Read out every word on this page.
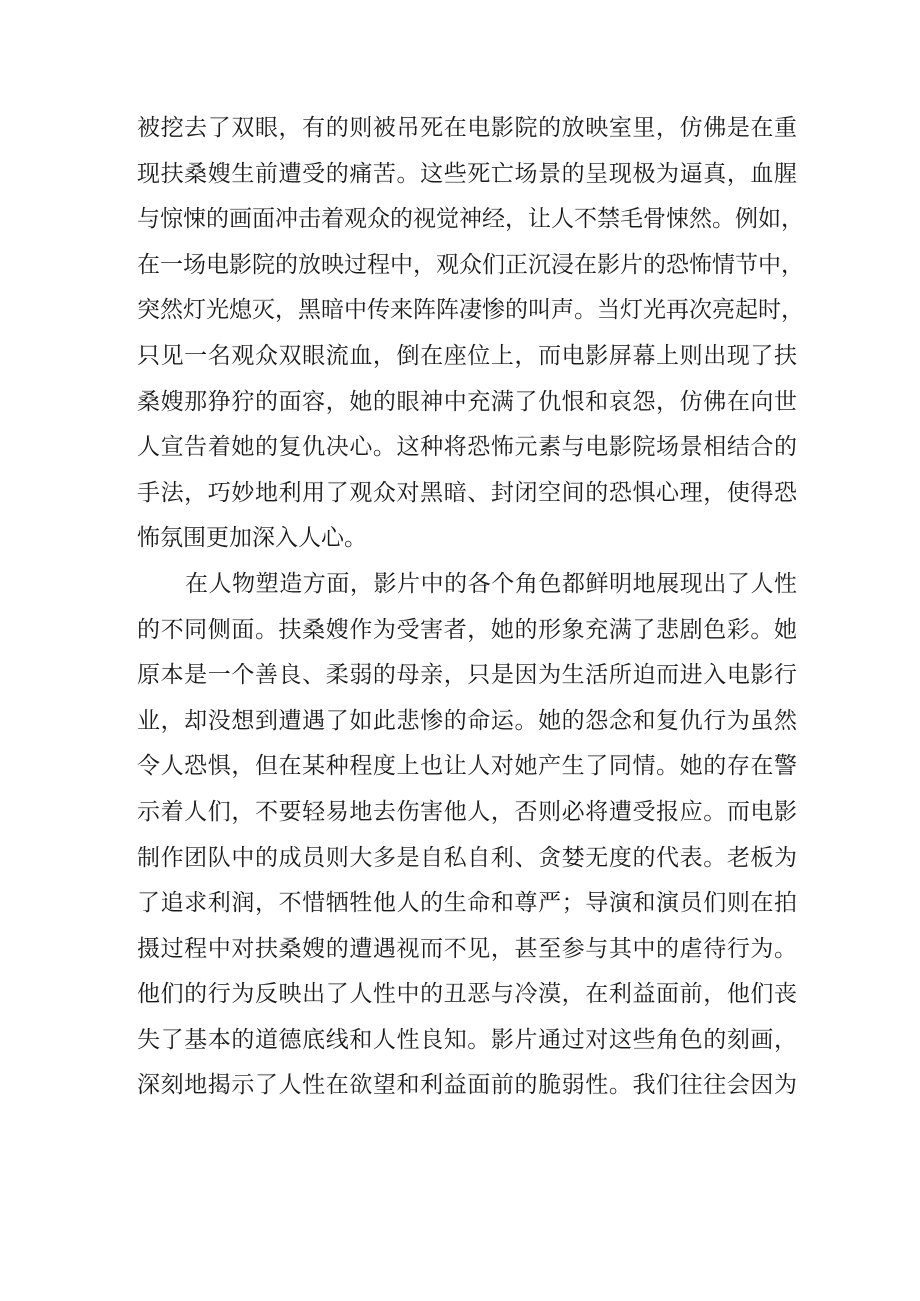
被挖去了双眼，有的则被吊死在电影院的放映室里，仿佛是在重
现扶桑嫂生前遭受的痛苦。这些死亡场景的呈现极为逼真，血腥
与惊悚的画面冲击着观众的视觉神经，让人不禁毛骨悚然。例如，
在一场电影院的放映过程中，观众们正沉浸在影片的恐怖情节中，
突然灯光熄灭，黑暗中传来阵阵凄惨的叫声。当灯光再次亮起时，
只见一名观众双眼流血，倒在座位上，而电影屏幕上则出现了扶
桑嫂那狰狞的面容，她的眼神中充满了仇恨和哀怨，仿佛在向世
人宣告着她的复仇决心。这种将恐怖元素与电影院场景相结合的
手法，巧妙地利用了观众对黑暗、封闭空间的恐惧心理，使得恐
怖氛围更加深入人心。
在人物塑造方面，影片中的各个角色都鲜明地展现出了人性
的不同侧面。扶桑嫂作为受害者，她的形象充满了悲剧色彩。她
原本是一个善良、柔弱的母亲，只是因为生活所迫而进入电影行
业，却没想到遭遇了如此悲惨的命运。她的怨念和复仇行为虽然
令人恐惧，但在某种程度上也让人对她产生了同情。她的存在警
示着人们，不要轻易地去伤害他人，否则必将遭受报应。而电影
制作团队中的成员则大多是自私自利、贪婪无度的代表。老板为
了追求利润，不惜牺牲他人的生命和尊严；导演和演员们则在拍
摄过程中对扶桑嫂的遭遇视而不见，甚至参与其中的虐待行为。
他们的行为反映出了人性中的丑恶与冷漠，在利益面前，他们丧
失了基本的道德底线和人性良知。影片通过对这些角色的刻画，
深刻地揭示了人性在欲望和利益面前的脆弱性。我们往往会因为
